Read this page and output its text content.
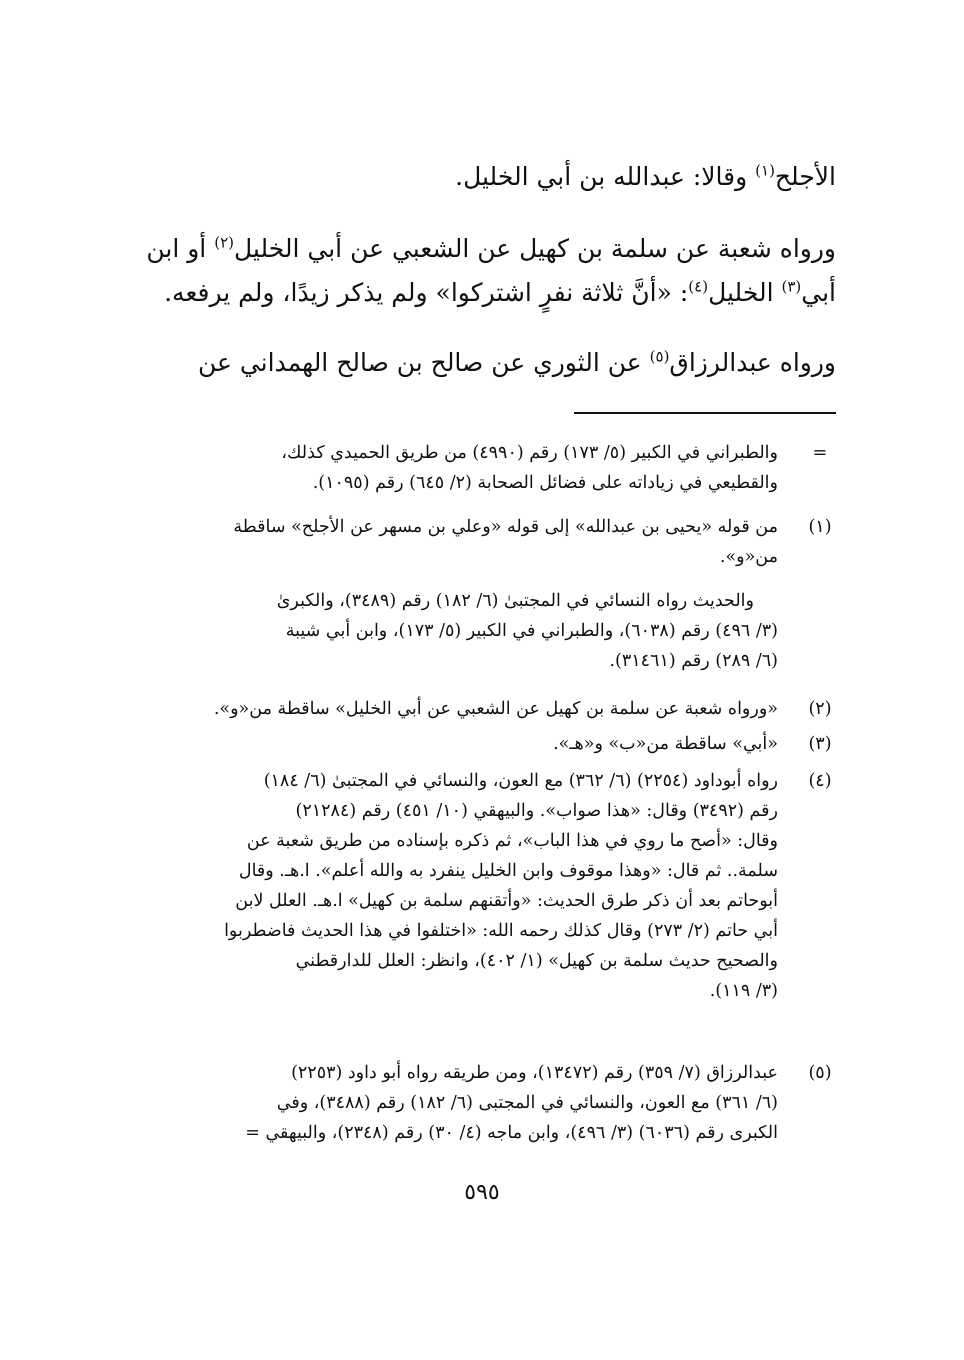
الأجلح$^{(١)}$ وقالا: عبدالله بن أبي الخليل.
ورواه شعبة عن سلمة بن كهيل عن الشعبي عن أبي الخليل$^{(٢)}$ أو ابن
أبي$^{(٣)}$ الخليل$^{(٤)}$: «أنَّ ثلاثة نفرٍ اشتركوا» ولم يذكر زيدًا، ولم يرفعه.
ورواه عبدالرزاق$^{(٥)}$ عن الثوري عن صالح بن صالح الهمداني عن
=
والطبراني في الكبير (٥/ ١٧٣) رقم (٤٩٩٠) من طريق الحميدي كذلك،
والقطيعي في زياداته على فضائل الصحابة (٢/ ٦٤٥) رقم (١٠٩٥).
(١)
من قوله «يحيى بن عبدالله» إلى قوله «وعلي بن مسهر عن الأجلح» ساقطة
من«و».
والحديث رواه النسائي في المجتبىٰ (٦/ ١٨٢) رقم (٣٤٨٩)، والكبرىٰ
(٣/ ٤٩٦) رقم (٦٠٣٨)، والطبراني في الكبير (٥/ ١٧٣)، وابن أبي شيبة
(٦/ ٢٨٩) رقم (٣١٤٦١).
(٢)
«ورواه شعبة عن سلمة بن كهيل عن الشعبي عن أبي الخليل» ساقطة من«و».
(٣)
«أبي» ساقطة من«ب» و«هـ».
(٤)
رواه أبوداود (٢٢٥٤) (٦/ ٣٦٢) مع العون، والنسائي في المجتبىٰ (٦/ ١٨٤)
رقم (٣٤٩٢) وقال: «هذا صواب». والبيهقي (١٠/ ٤٥١) رقم (٢١٢٨٤)
وقال: «أصح ما روي في هذا الباب»، ثم ذكره بإسناده من طريق شعبة عن
سلمة.. ثم قال: «وهذا موقوف وابن الخليل ينفرد به والله أعلم». ا.هـ. وقال
أبوحاتم بعد أن ذكر طرق الحديث: «وأتقنهم سلمة بن كهيل» ا.هـ. العلل لابن
أبي حاتم (٢/ ٢٧٣) وقال كذلك رحمه الله: «اختلفوا في هذا الحديث فاضطربوا
والصحيح حديث سلمة بن كهيل» (١/ ٤٠٢)، وانظر: العلل للدارقطني
(٣/ ١١٩).
(٥)
عبدالرزاق (٧/ ٣٥٩) رقم (١٣٤٧٢)، ومن طريقه رواه أبو داود (٢٢٥٣)
(٦/ ٣٦١) مع العون، والنسائي في المجتبى (٦/ ١٨٢) رقم (٣٤٨٨)، وفي
الكبرى رقم (٦٠٣٦) (٣/ ٤٩٦)، وابن ماجه (٤/ ٣٠) رقم (٢٣٤٨)، والبيهقي =
٥٩٥
